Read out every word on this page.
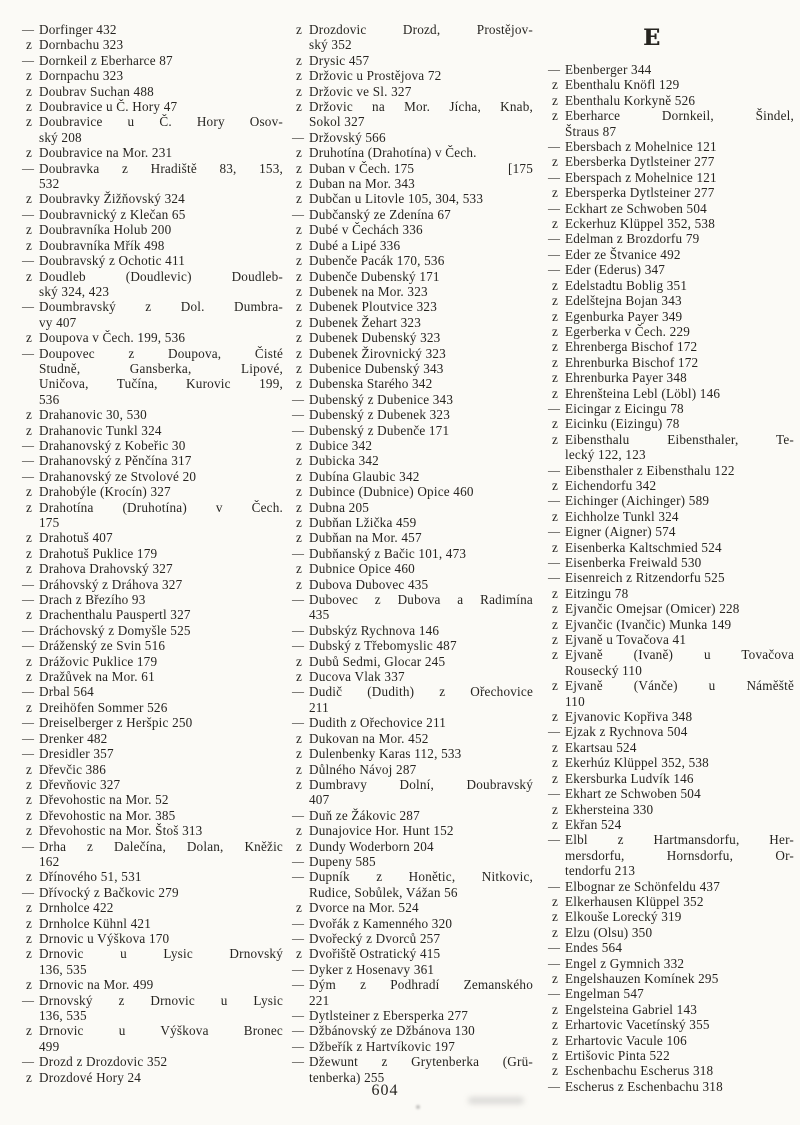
— Dorfinger 432
z Dornbachu 323
— Dornkeil z Eberharce 87
z Dornpachu 323
z Doubrav Suchan 488
z Doubravice u Č. Hory 47
z Doubravice u Č. Hory Osov-
ský 208
z Doubravice na Mor. 231
— Doubravka z Hradiště 83, 153,
532
z Doubravky Žižňovský 324
— Doubravnický z Klečan 65
z Doubravníka Holub 200
z Doubravníka Mřík 498
— Doubravský z Ochotic 411
z Doudleb (Doudlevic) Doudleb-
ský 324, 423
— Doumbravský z Dol. Dumbra-
vy 407
z Doupova v Čech. 199, 536
— Doupovec z Doupova, Čisté
Studně, Gansberka, Lipové,
Uničova, Tučína, Kurovic 199,
536
z Drahanovic 30, 530
z Drahanovic Tunkl 324
— Drahanovský z Kobeřic 30
— Drahanovský z Pěnčína 317
— Drahanovský ze Stvolové 20
z Drahobýle (Krocín) 327
z Drahotína (Druhotína) v Čech.
175
z Drahotuš 407
z Drahotuš Puklice 179
z Drahova Drahovský 327
— Dráhovský z Dráhova 327
— Drach z Březího 93
z Drachenthalu Pauspertl 327
— Dráchovský z Domyšle 525
— Dráženský ze Svin 516
z Drážovic Puklice 179
z Dražůvek na Mor. 61
— Drbal 564
z Dreihöfen Sommer 526
— Dreiselberger z Heršpic 250
— Drenker 482
— Dresidler 357
z Dřevčic 386
z Dřevňovic 327
z Dřevohostic na Mor. 52
z Dřevohostic na Mor. 385
z Dřevohostic na Mor. Štoš 313
— Drha z Dalečína, Dolan, Kněžic
162
z Dřínového 51, 531
— Dřívocký z Bačkovic 279
z Drnholce 422
z Drnholce Kühnl 421
z Drnovic u Výškova 170
z Drnovic u Lysic Drnovský
136, 535
z Drnovic na Mor. 499
— Drnovský z Drnovic u Lysic
136, 535
z Drnovic u Výškova Bronec
499
— Drozd z Drozdovic 352
z Drozdové Hory 24
z Drozdovic Drozd, Prostějov-
ský 352
z Drysic 457
z Držovic u Prostějova 72
z Držovic ve Sl. 327
z Držovic na Mor. Jícha, Knab,
Sokol 327
— Držovský 566
z Druhotína (Drahotína) v Čech.
z Duban v Čech. 175	[175
z Duban na Mor. 343
z Dubčan u Litovle 105, 304, 533
— Dubčanský ze Zdenína 67
z Dubé v Čechách 336
z Dubé a Lipé 336
z Dubenče Pacák 170, 536
z Dubenče Dubenský 171
z Dubenek na Mor. 323
z Dubenek Ploutvice 323
z Dubenek Žehart 323
z Dubenek Dubenský 323
z Dubenek Žirovnický 323
z Dubenice Dubenský 343
z Dubenska Starého 342
— Dubenský z Dubenice 343
— Dubenský z Dubenek 323
— Dubenský z Dubenče 171
z Dubice 342
z Dubicka 342
z Dubína Glaubic 342
z Dubince (Dubnice) Opice 460
z Dubna 205
z Dubňan Lžička 459
z Dubňan na Mor. 457
— Dubňanský z Bačic 101, 473
z Dubnice Opice 460
z Dubova Dubovec 435
— Dubovec z Dubova a Radimína
435
— Dubskýz Rychnova 146
— Dubský z Třebomyslic 487
z Dubů Sedmi, Glocar 245
z Ducova Vlak 337
— Dudič (Dudith) z Ořechovice
211
— Dudith z Ořechovice 211
z Dukovan na Mor. 452
z Dulenbenky Karas 112, 533
z Důlného Návoj 287
z Dumbravy Dolní, Doubravský
407
— Duň ze Žákovic 287
z Dunajovice Hor. Hunt 152
z Dundy Woderborn 204
— Dupeny 585
— Dupník z Honětic, Nitkovic,
Rudice, Sobůlek, Vážan 56
z Dvorce na Mor. 524
— Dvořák z Kamenného 320
— Dvořecký z Dvorců 257
z Dvořiště Ostratický 415
— Dyker z Hosenavy 361
— Dým z Podhradí Zemanského
221
— Dytlsteiner z Ebersperka 277
— Džbánovský ze Džbánova 130
— Džbeřík z Hartvíkovic 197
— Džewunt z Grytenberka (Grü-
tenberka) 255
E
— Ebenberger 344
z Ebenthalu Knöfl 129
z Ebenthalu Korkyně 526
z Eberharce Dornkeil, Šindel,
Štraus 87
— Ebersbach z Mohelnice 121
z Ebersberka Dytlsteiner 277
— Eberspach z Mohelnice 121
z Ebersperka Dytlsteiner 277
— Eckhart ze Schwoben 504
z Eckerhuz Klüppel 352, 538
— Edelman z Brozdorfu 79
— Eder ze Štvanice 492
— Eder (Ederus) 347
z Edelstadtu Boblig 351
z Edelštejna Bojan 343
z Egenburka Payer 349
z Egerberka v Čech. 229
z Ehrenberga Bischof 172
z Ehrenburka Bischof 172
z Ehrenburka Payer 348
z Ehrenšteina Lebl (Löbl) 146
— Eicingar z Eicingu 78
z Eicinku (Eizingu) 78
z Eibensthalu Eibensthaler, Te-
lecký 122, 123
— Eibensthaler z Eibensthalu 122
z Eichendorfu 342
— Eichinger (Aichinger) 589
z Eichholze Tunkl 324
— Eigner (Aigner) 574
z Eisenberka Kaltschmied 524
— Eisenberka Freiwald 530
— Eisenreich z Ritzendorfu 525
z Eitzingu 78
z Ejvančic Omejsar (Omicer) 228
z Ejvančic (Ivančic) Munka 149
z Ejvaně u Tovačova 41
z Ejvaně (Ivaně) u Tovačova
Rousecký 110
z Ejvaně (Vánče) u Náměště
110
z Ejvanovic Kopřiva 348
— Ejzak z Rychnova 504
z Ekartsau 524
z Ekerhúz Klüppel 352, 538
z Ekersburka Ludvík 146
— Ekhart ze Schwoben 504
z Ekhersteina 330
z Ekřan 524
— Elbl z Hartmansdorfu, Her-
mersdorfu, Hornsdorfu, Or-
tendorfu 213
— Elbognar ze Schönfeldu 437
z Elkerhausen Klüppel 352
z Elkouše Lorecký 319
z Elzu (Olsu) 350
— Endes 564
— Engel z Gymnich 332
z Engelshauzen Komínek 295
— Engelman 547
z Engelsteina Gabriel 143
z Erhartovic Vacetínský 355
z Erhartovic Vacule 106
z Ertišovic Pinta 522
z Eschenbachu Escherus 318
— Escherus z Eschenbachu 318
604
